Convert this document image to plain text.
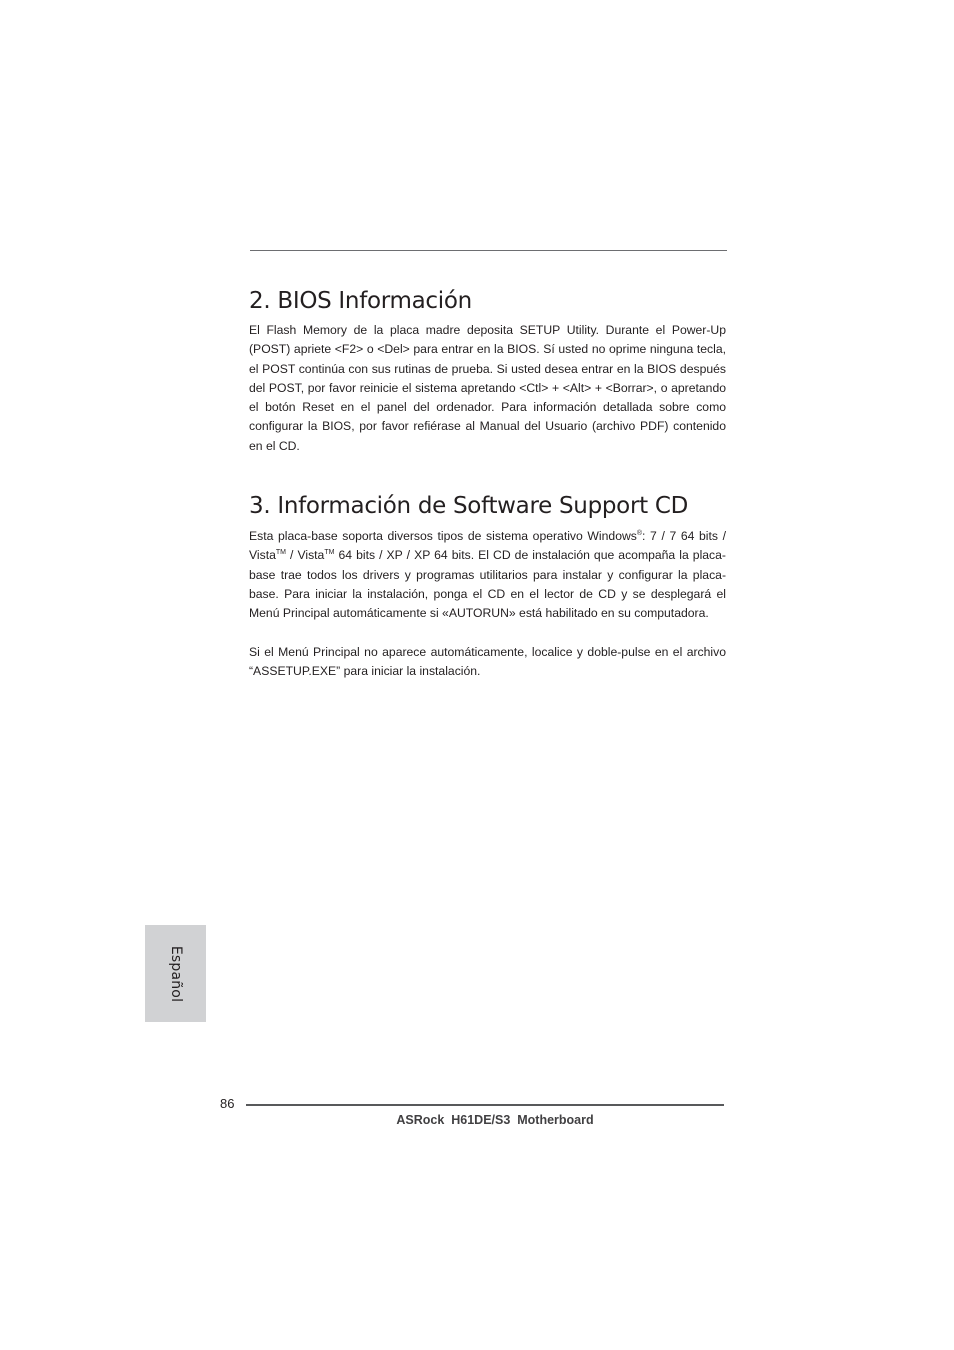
2. BIOS Información

El Flash Memory de la placa madre deposita SETUP Utility. Durante el Power-Up (POST) apriete <F2> o <Del> para entrar en la BIOS. Sí usted no oprime ninguna tecla, el POST continúa con sus rutinas de prueba. Si usted desea entrar en la BIOS después del POST, por favor reinicie el sistema apretando <Ctl> + <Alt> + <Borrar>, o apretando el botón Reset en el panel del ordenador. Para información detallada sobre como configurar la BIOS, por favor refiérase al Manual del Usuario (archivo PDF) contenido en el CD.

3. Información de Software Support CD

Esta placa-base soporta diversos tipos de sistema operativo Windows®: 7 / 7 64 bits / Vista™ / Vista™ 64 bits / XP / XP 64 bits. El CD de instalación que acompaña la placa-base trae todos los drivers y programas utilitarios para instalar y configurar la placa-base. Para iniciar la instalación, ponga el CD en el lector de CD y se desplegará el Menú Principal automáticamente si «AUTORUN» está habilitado en su computadora.

Si el Menú Principal no aparece automáticamente, localice y doble-pulse en el archivo “ASSETUP.EXE” para iniciar la instalación.

Español
86
ASRock  H61DE/S3  Motherboard
